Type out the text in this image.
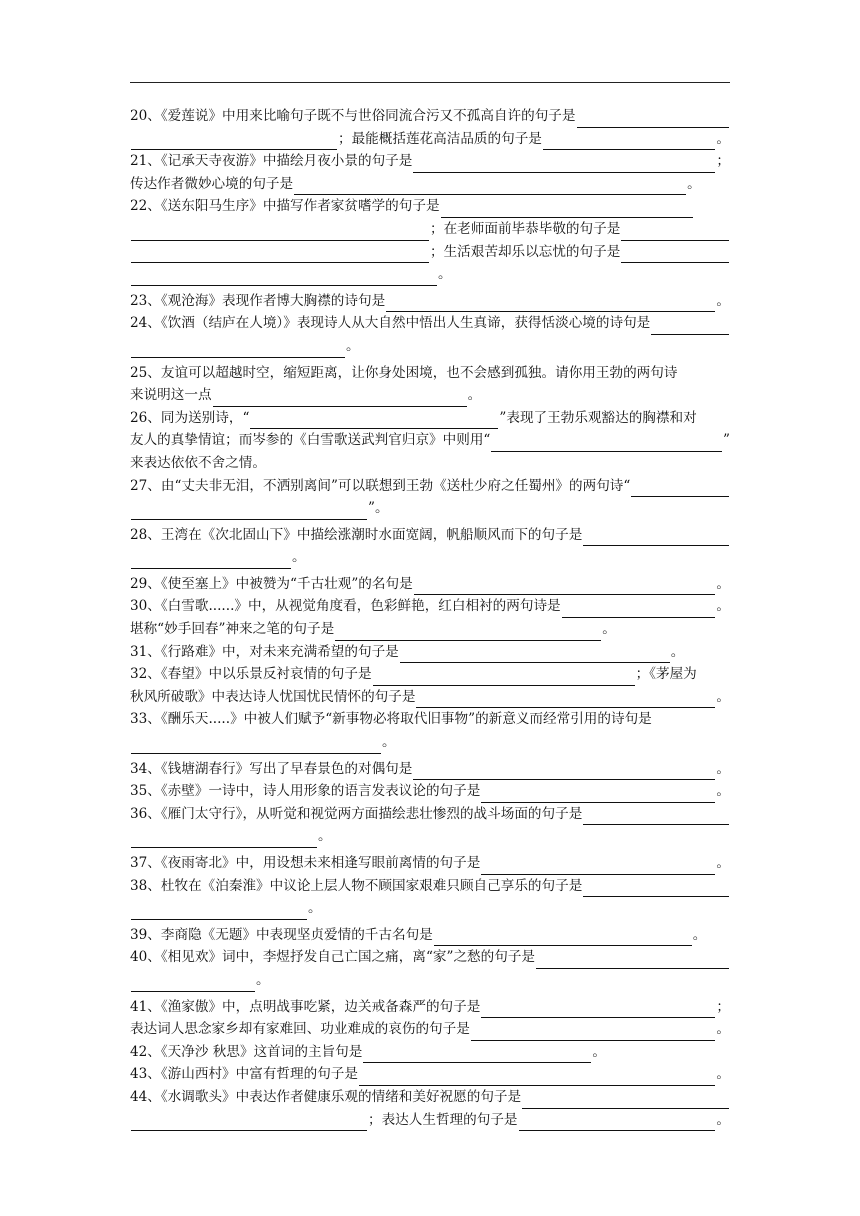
20、《爱莲说》中用来比喻句子既不与世俗同流合污又不孤高自许的句子是
；最能概括莲花高洁品质的句子是	。
21、《记承天寺夜游》中描绘月夜小景的句子是	；
传达作者微妙心境的句子是	。
22、《送东阳马生序》中描写作者家贫嗜学的句子是
；在老师面前毕恭毕敬的句子是
；生活艰苦却乐以忘忧的句子是
。
23、《观沧海》表现作者博大胸襟的诗句是	。
24、《饮酒（结庐在人境）》表现诗人从大自然中悟出人生真谛，获得恬淡心境的诗句是
。
25、友谊可以超越时空，缩短距离，让你身处困境，也不会感到孤独。请你用王勃的两句诗
来说明这一点	。
26、同为送别诗，“	”表现了王勃乐观豁达的胸襟和对
友人的真挚情谊；而岑参的《白雪歌送武判官归京》中则用“	”
来表达依依不舍之情。
27、由“丈夫非无泪，不洒别离间”可以联想到王勃《送杜少府之任蜀州》的两句诗“
”。
28、王湾在《次北固山下》中描绘涨潮时水面宽阔，帆船顺风而下的句子是
。
29、《使至塞上》中被赞为“千古壮观”的名句是	。
30、《白雪歌......》中，从视觉角度看，色彩鲜艳，红白相衬的两句诗是	。
堪称“妙手回春”神来之笔的句子是	。
31、《行路难》中，对未来充满希望的句子是	。
32、《春望》中以乐景反衬哀情的句子是	；《茅屋为
秋风所破歌》中表达诗人忧国忧民情怀的句子是	。
33、《酬乐天.....》中被人们赋予“新事物必将取代旧事物”的新意义而经常引用的诗句是
。
34、《钱塘湖春行》写出了早春景色的对偶句是	。
35、《赤壁》一诗中，诗人用形象的语言发表议论的句子是	。
36、《雁门太守行》，从听觉和视觉两方面描绘悲壮惨烈的战斗场面的句子是
。
37、《夜雨寄北》中，用设想未来相逢写眼前离情的句子是	。
38、杜牧在《泊秦淮》中议论上层人物不顾国家艰难只顾自己享乐的句子是
。
39、李商隐《无题》中表现坚贞爱情的千古名句是	。
40、《相见欢》词中，李煜抒发自己亡国之痛，离“家”之愁的句子是
。
41、《渔家傲》中，点明战事吃紧，边关戒备森严的句子是	；
表达词人思念家乡却有家难回、功业难成的哀伤的句子是	。
42、《天净沙 秋思》这首词的主旨句是	。
43、《游山西村》中富有哲理的句子是	。
44、《水调歌头》中表达作者健康乐观的情绪和美好祝愿的句子是
；表达人生哲理的句子是	。
